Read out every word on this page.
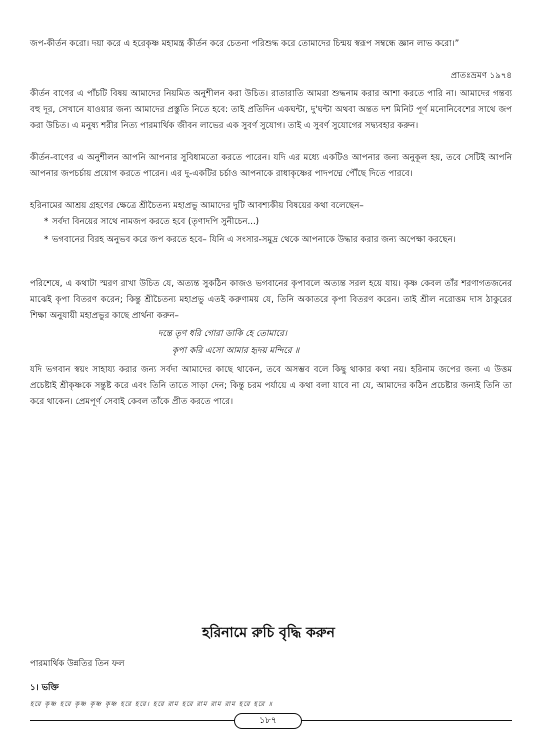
জপ-কীর্তন করো। দয়া করে এ হরেকৃষ্ণ মহামন্ত্র কীর্তন করে চেতনা পরিশুদ্ধ করে তোমাদের চিন্ময় স্বরূপ সম্বন্ধে জ্ঞান লাভ করো।”

প্রাতঃভ্রমণ ১৯৭৪

কীর্তন বাণের এ পাঁচটি বিষয় আমাদের নিয়মিত অনুশীলন করা উচিত। রাতারাতি আমরা শুদ্ধনাম করার আশা করতে পারি না। আমাদের গন্তব্য বহু দূর, সেখানে যাওয়ার জন্য আমাদের প্রস্তুতি নিতে হবে: তাই প্রতিদিন একঘন্টা, দু'ঘন্টা অথবা অন্তত দশ মিনিট পূর্ণ মনোনিবেশের সাথে জপ করা উচিত। এ মনুষ্য শরীর নিত্য পারমার্থিক জীবন লাভের এক সুবর্ণ সুযোগ। তাই এ সুবর্ণ সুযোগের সদ্ব্যবহার করুন।

কীর্তন-বাণের এ অনুশীলন আপনি আপনার সুবিধামতো করতে পারেন। যদি এর মধ্যে একটিও আপনার জন্য অনুকূল হয়, তবে সেটিই আপনি আপনার জপচর্চায় প্রয়োগ করতে পারেন। এর দু-একটির চর্চাও আপনাকে রাধাকৃষ্ণের পাদপদ্মে পৌঁছে দিতে পারবে।

হরিনামের আশ্রয় গ্রহণের ক্ষেত্রে শ্রীচৈতন্য মহাপ্রভু আমাদের দুটি আবশ্যকীয় বিষয়ের কথা বলেছেন–

* সর্বদা বিনয়ের সাথে নামজপ করতে হবে (তৃণাদপি সুনীচেন...)
* ভগবানের বিরহ অনুভব করে জপ করতে হবে– যিনি এ সংসার-সমুদ্র থেকে আপনাকে উদ্ধার করার জন্য অপেক্ষা করছেন।

পরিশেষে, এ কথাটা স্মরণ রাখা উচিত যে, অত্যন্ত সুকঠিন কাজও ভগবানের কৃপাবলে অত্যন্ত সরল হয়ে যায়। কৃষ্ণ কেবল তাঁর শরণাগতজনের মাঝেই কৃপা বিতরণ করেন; কিন্তু শ্রীচৈতন্য মহাপ্রভু এতই করুণাময় যে, তিনি অকাতরে কৃপা বিতরণ করেন। তাই শ্রীল নরোত্তম দাস ঠাকুরের শিক্ষা অনুযায়ী মহাপ্রভুর কাছে প্রার্থনা করুন–

দন্তে তৃণ ধরি গোরা ডাকি হে তোমারে।
কৃপা করি এসো আমার হৃদয় মন্দিরে ॥

যদি ভগবান স্বয়ং সাহায্য করার জন্য সর্বদা আমাদের কাছে থাকেন, তবে অসম্ভব বলে কিছু থাকার কথা নয়। হরিনাম জপের জন্য এ উত্তম প্রচেষ্টাই শ্রীকৃষ্ণকে সন্তুষ্ট করে এবং তিনি তাতে সাড়া দেন; কিন্তু চরম পর্যায়ে এ কথা বলা যাবে না যে, আমাদের কঠিন প্রচেষ্টার জন্যই তিনি তা করে থাকেন। প্রেমপূর্ণ সেবাই কেবল তাঁকে প্রীত করতে পারে।

হরিনামে রুচি বৃদ্ধি করুন
পারমার্থিক উন্নতির তিন ফল
১। ভক্তি
হরে কৃষ্ণ হরে কৃষ্ণ কৃষ্ণ কৃষ্ণ হরে হরে। হরে রাম হরে রাম রাম রাম হরে হরে ॥
১৮৭
